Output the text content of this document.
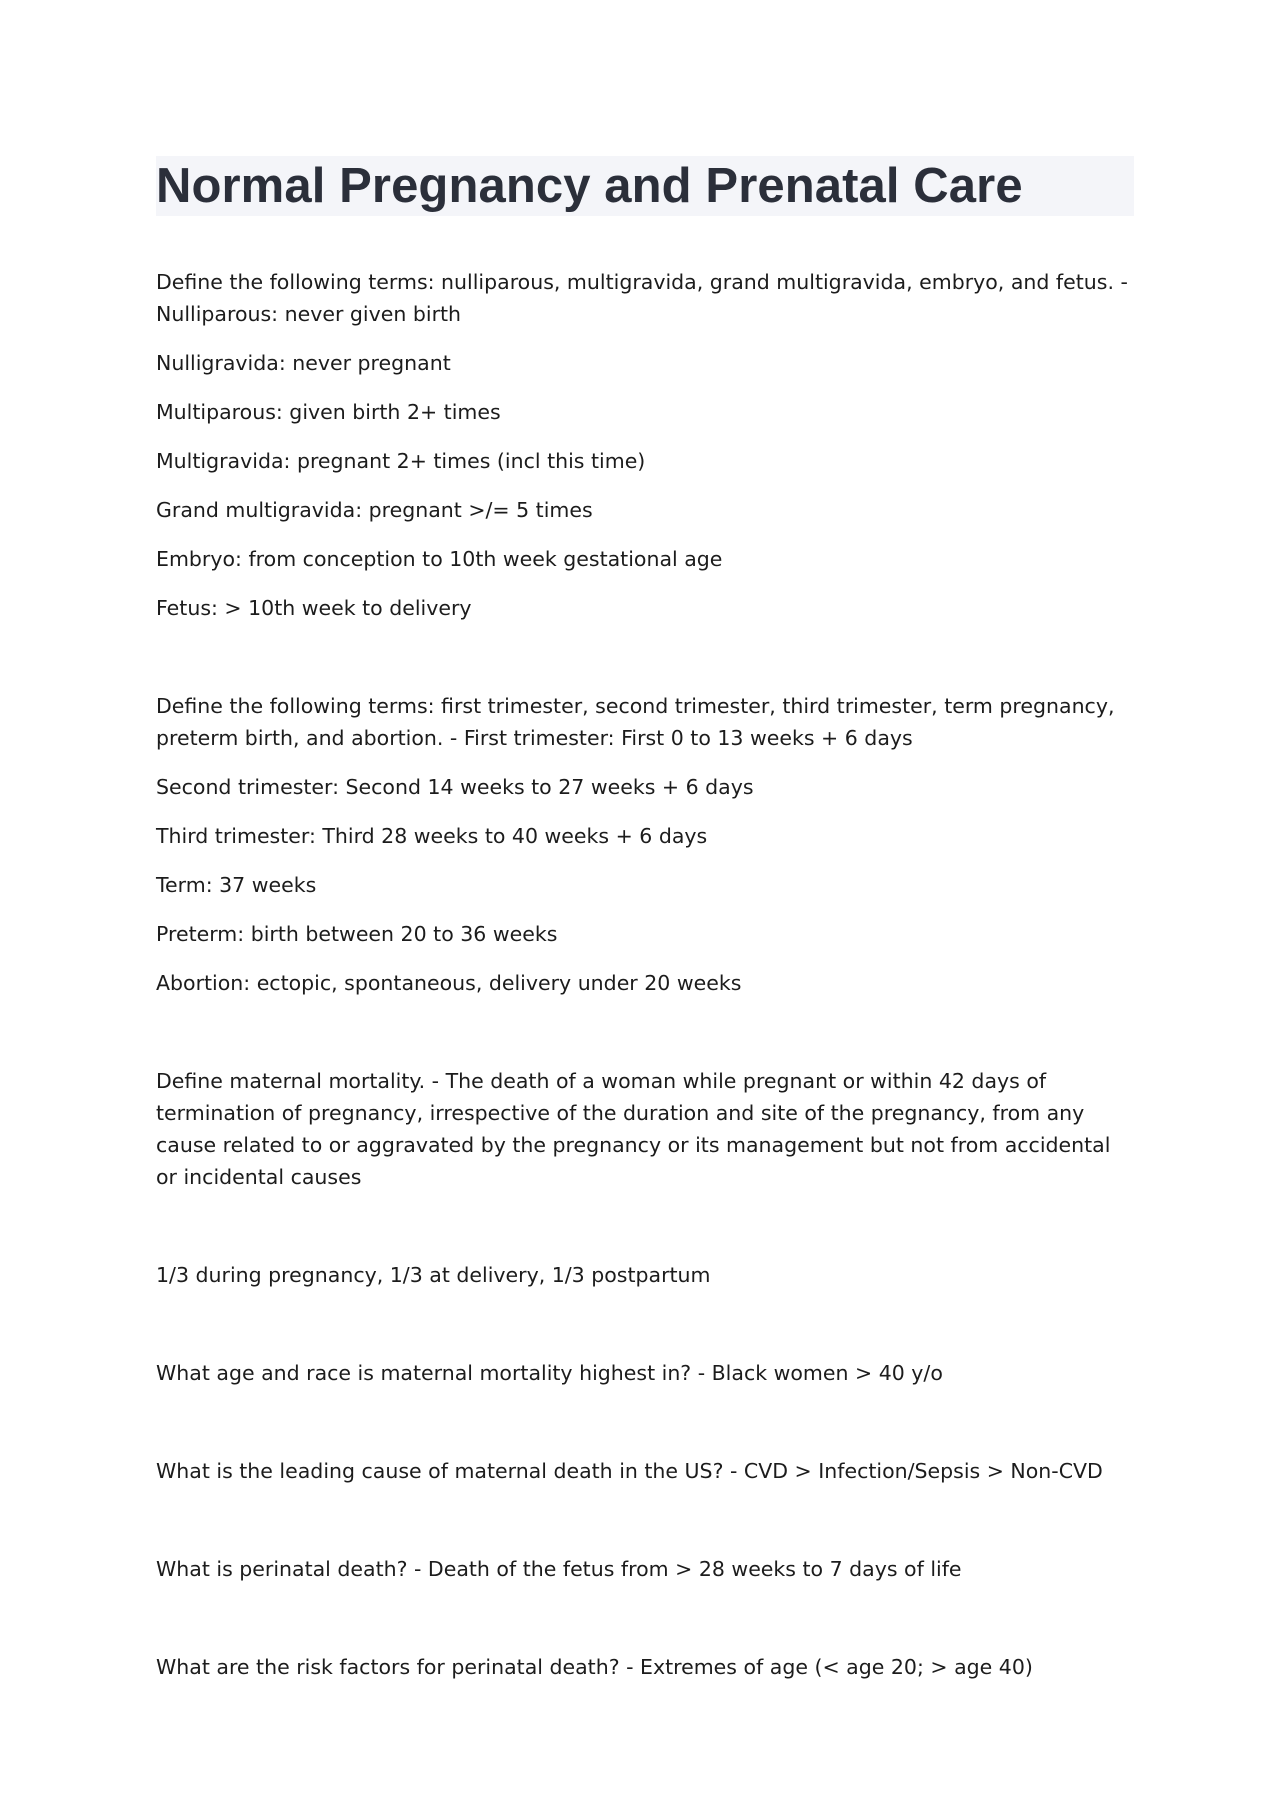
Normal Pregnancy and Prenatal Care

Define the following terms: nulliparous, multigravida, grand multigravida, embryo, and fetus. - Nulliparous: never given birth

Nulligravida: never pregnant

Multiparous: given birth 2+ times

Multigravida: pregnant 2+ times (incl this time)

Grand multigravida: pregnant >/= 5 times

Embryo: from conception to 10th week gestational age

Fetus: > 10th week to delivery

Define the following terms: first trimester, second trimester, third trimester, term pregnancy, preterm birth, and abortion. - First trimester: First 0 to 13 weeks + 6 days

Second trimester: Second 14 weeks to 27 weeks + 6 days

Third trimester: Third 28 weeks to 40 weeks + 6 days

Term: 37 weeks

Preterm: birth between 20 to 36 weeks

Abortion: ectopic, spontaneous, delivery under 20 weeks

Define maternal mortality. - The death of a woman while pregnant or within 42 days of termination of pregnancy, irrespective of the duration and site of the pregnancy, from any cause related to or aggravated by the pregnancy or its management but not from accidental or incidental causes

1/3 during pregnancy, 1/3 at delivery, 1/3 postpartum

What age and race is maternal mortality highest in? - Black women > 40 y/o

What is the leading cause of maternal death in the US? - CVD > Infection/Sepsis > Non-CVD

What is perinatal death? - Death of the fetus from > 28 weeks to 7 days of life

What are the risk factors for perinatal death? - Extremes of age (< age 20; > age 40)
